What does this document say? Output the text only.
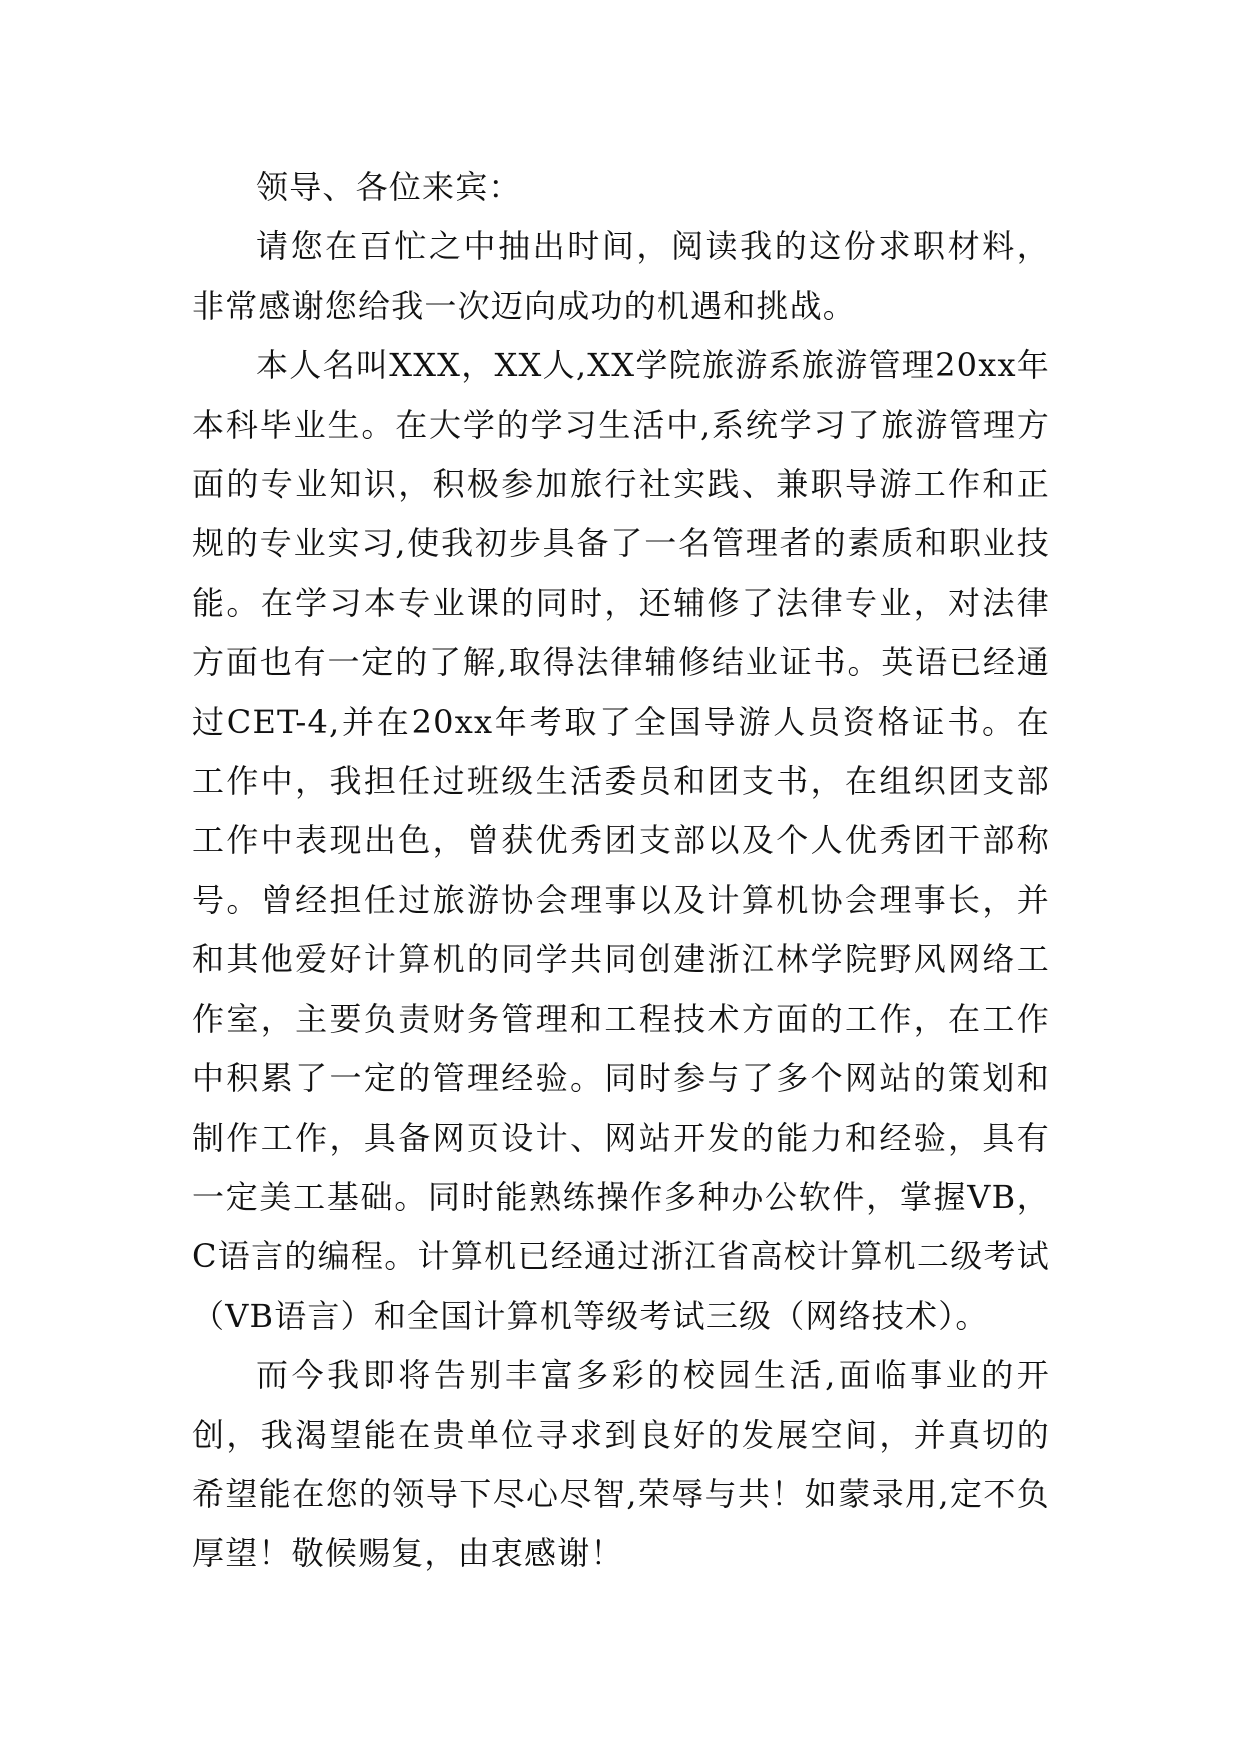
领导、各位来宾：

请您在百忙之中抽出时间，阅读我的这份求职材料，非常感谢您给我一次迈向成功的机遇和挑战。

本人名叫XXX，XX人,XX学院旅游系旅游管理20xx年本科毕业生。在大学的学习生活中,系统学习了旅游管理方面的专业知识，积极参加旅行社实践、兼职导游工作和正规的专业实习,使我初步具备了一名管理者的素质和职业技能。在学习本专业课的同时，还辅修了法律专业，对法律方面也有一定的了解,取得法律辅修结业证书。英语已经通过CET-4,并在20xx年考取了全国导游人员资格证书。在工作中，我担任过班级生活委员和团支书，在组织团支部工作中表现出色，曾获优秀团支部以及个人优秀团干部称号。曾经担任过旅游协会理事以及计算机协会理事长，并和其他爱好计算机的同学共同创建浙江林学院野风网络工作室，主要负责财务管理和工程技术方面的工作，在工作中积累了一定的管理经验。同时参与了多个网站的策划和制作工作，具备网页设计、网站开发的能力和经验，具有一定美工基础。同时能熟练操作多种办公软件，掌握VB，C语言的编程。计算机已经通过浙江省高校计算机二级考试（VB语言）和全国计算机等级考试三级（网络技术）。

而今我即将告别丰富多彩的校园生活,面临事业的开创，我渴望能在贵单位寻求到良好的发展空间，并真切的希望能在您的领导下尽心尽智,荣辱与共！如蒙录用,定不负厚望！敬候赐复，由衷感谢！
